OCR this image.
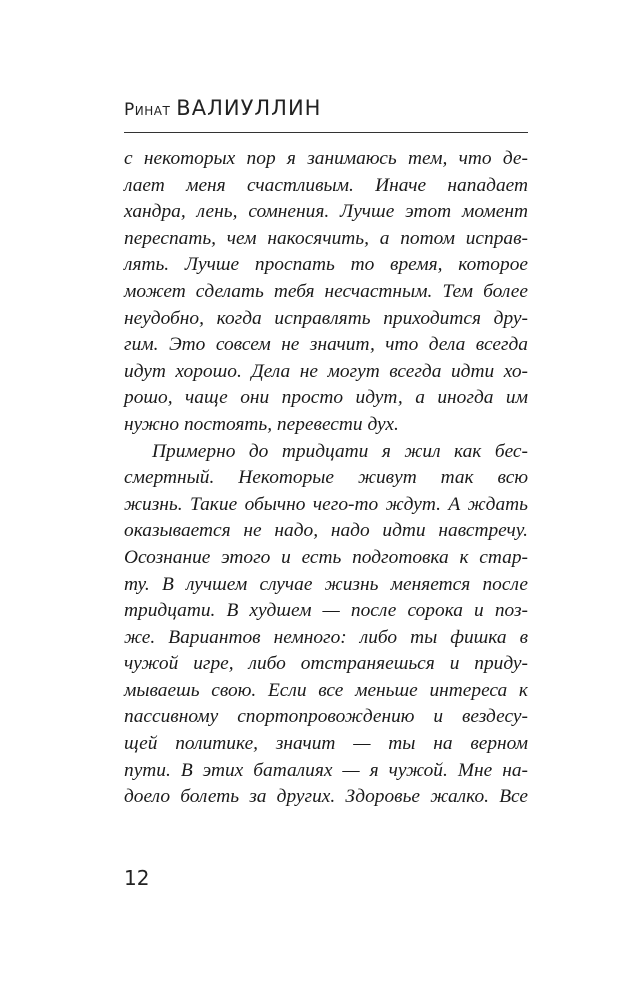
Ринат ВАЛИУЛЛИН
с некоторых пор я занимаюсь тем, что де-
лает меня счастливым. Иначе нападает
хандра, лень, сомнения. Лучше этот момент
переспать, чем накосячить, а потом исправ-
лять. Лучше проспать то время, которое
может сделать тебя несчастным. Тем более
неудобно, когда исправлять приходится дру-
гим. Это совсем не значит, что дела всегда
идут хорошо. Дела не могут всегда идти хо-
рошо, чаще они просто идут, а иногда им
нужно постоять, перевести дух.
Примерно до тридцати я жил как бес-
смертный. Некоторые живут так всю
жизнь. Такие обычно чего-то ждут. А ждать
оказывается не надо, надо идти навстречу.
Осознание этого и есть подготовка к стар-
ту. В лучшем случае жизнь меняется после
тридцати. В худшем — после сорока и поз-
же. Вариантов немного: либо ты фишка в
чужой игре, либо отстраняешься и приду-
мываешь свою. Если все меньше интереса к
пассивному спортопровождению и вездесу-
щей политике, значит — ты на верном
пути. В этих баталиях — я чужой. Мне на-
доело болеть за других. Здоровье жалко. Все
12
